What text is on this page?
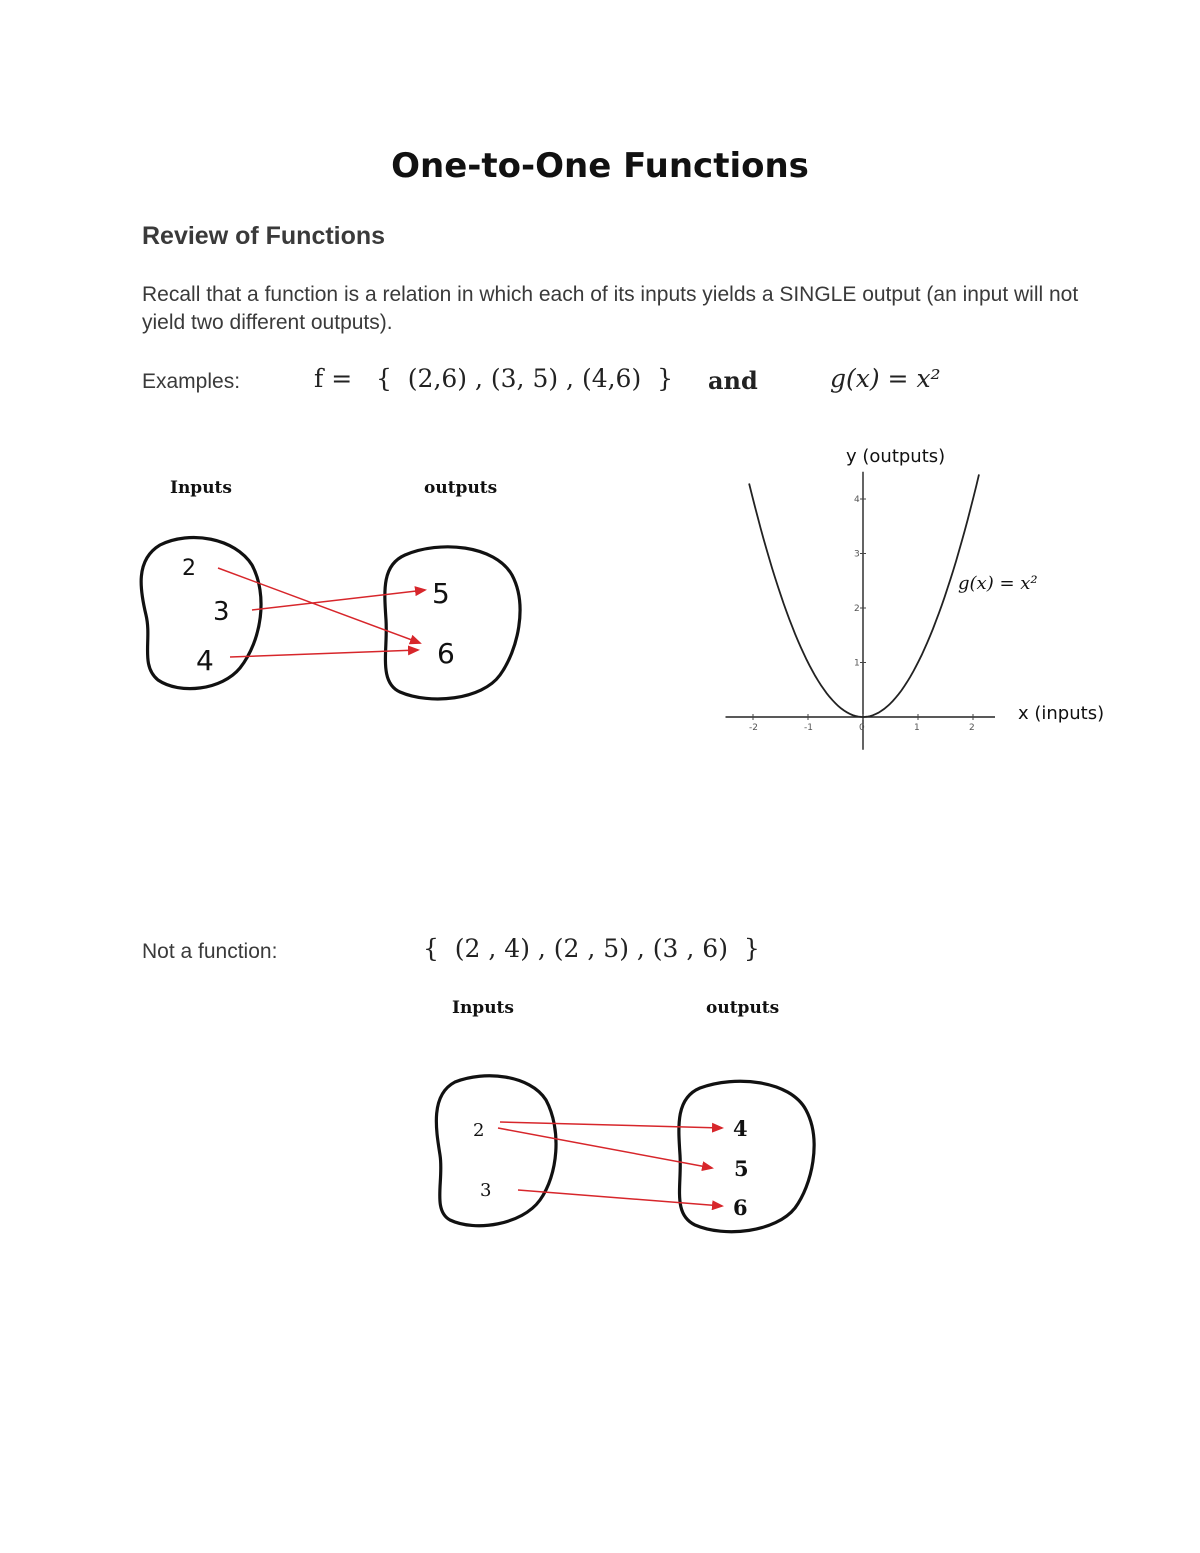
One-to-One Functions
Review of Functions
Recall that a function is a relation in which each of its inputs yields a SINGLE output (an input will not yield two different outputs).
Examples:	f =   {  (2,6) , (3, 5) , (4,6)  } and	g(x) = x²
Inputs	outputs
2
3
4
5
6
-2	-1	0	1	2
1
2
3
4
y (outputs)
x (inputs)
g(x) = x²
Not a function:	{  (2 , 4) , (2 , 5) , (3 , 6)  }
Inputs	outputs
2
3
4
5
6
